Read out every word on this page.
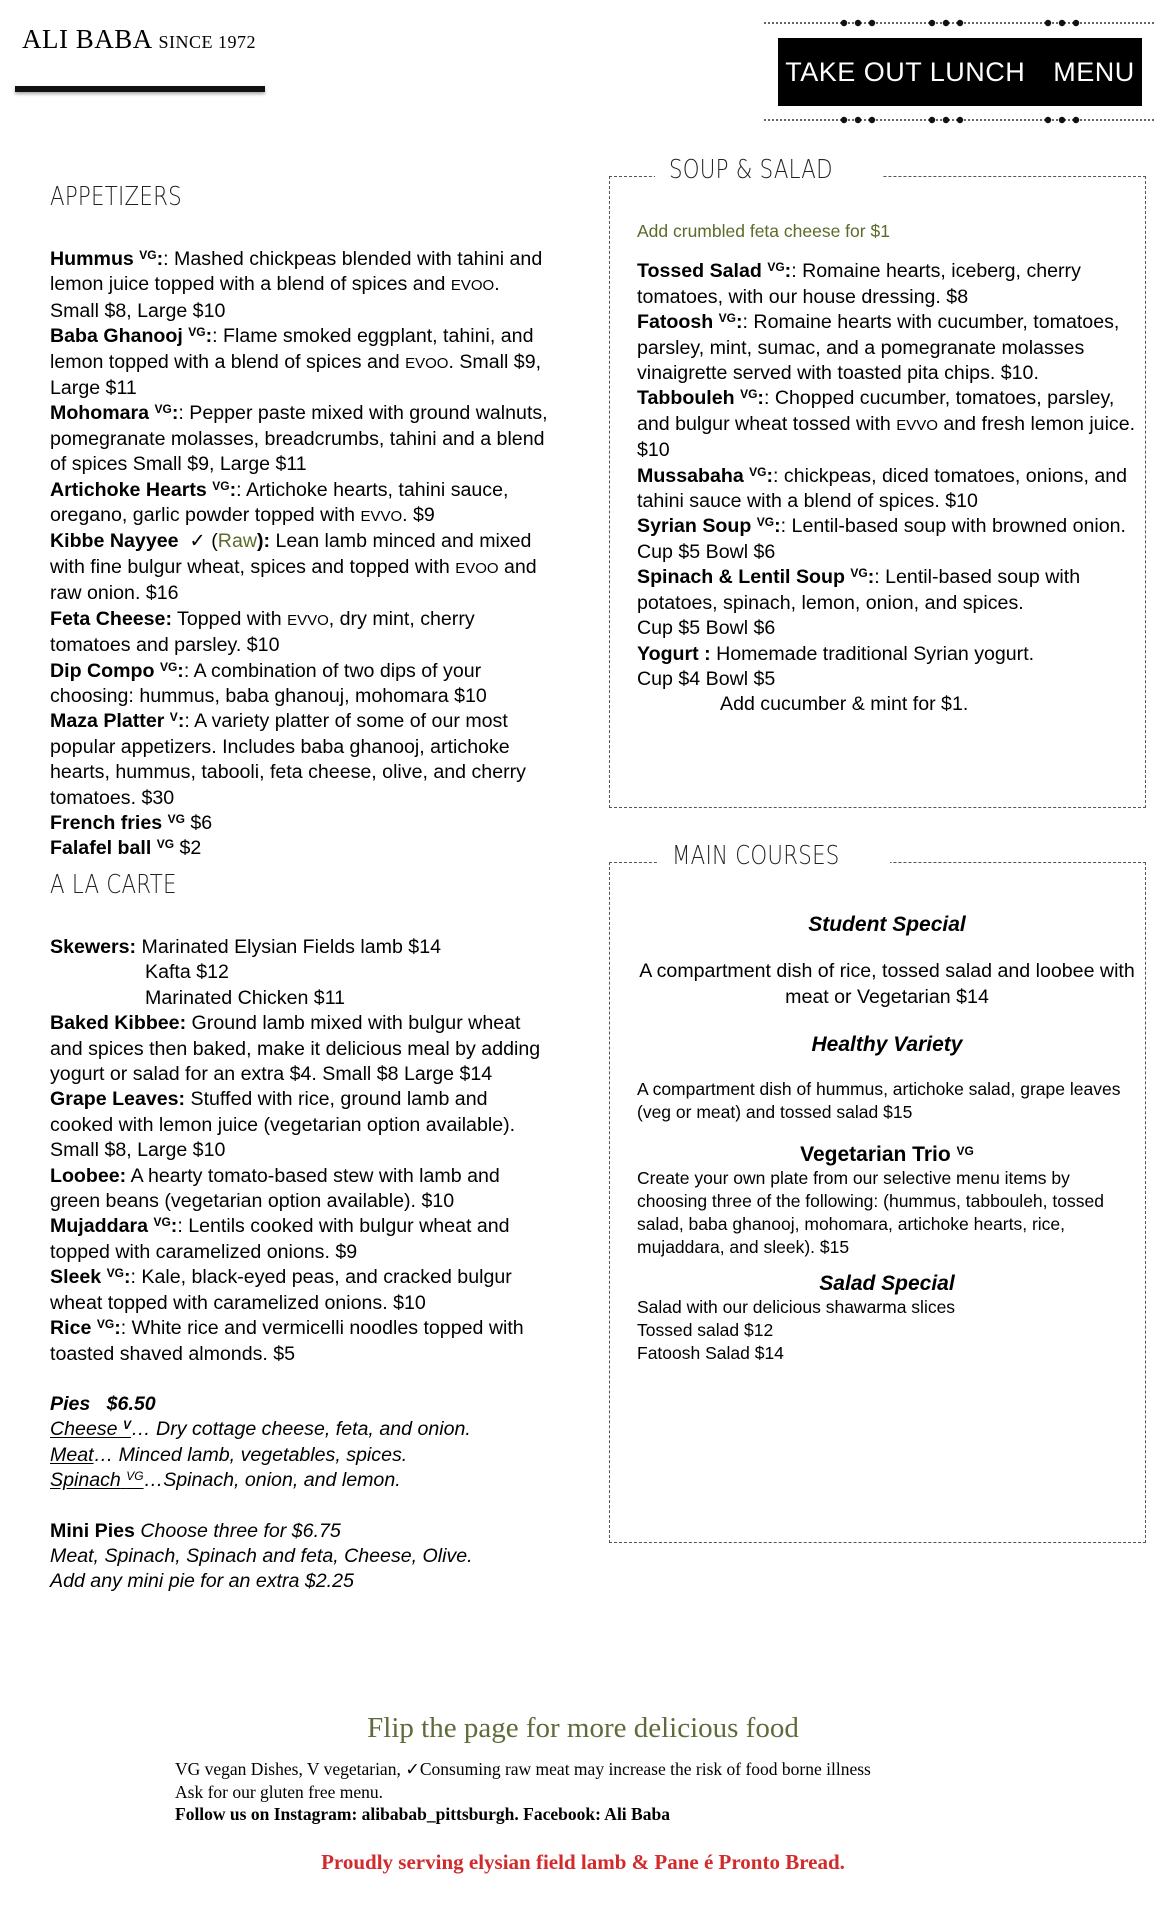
ALI BABA SINCE 1972
TAKE OUT LUNCH MENU
APPETIZERS

Hummus $^{VG}$:: Mashed chickpeas blended with tahini and lemon juice topped with a blend of spices and EVOO. Small $8, Large $10

Baba Ghanooj $^{VG}$:: Flame smoked eggplant, tahini, and lemon topped with a blend of spices and EVOO. Small $9, Large $11

Mohomara $^{VG}$:: Pepper paste mixed with ground walnuts, pomegranate molasses, breadcrumbs, tahini and a blend of spices Small $9, Large $11

Artichoke Hearts $^{VG}$:: Artichoke hearts, tahini sauce, oregano, garlic powder topped with EVVO. $9

Kibbe Nayyee ✓ (Raw): Lean lamb minced and mixed with fine bulgur wheat, spices and topped with EVOO and raw onion. $16

Feta Cheese: Topped with EVVO, dry mint, cherry tomatoes and parsley. $10

Dip Compo $^{VG}$:: A combination of two dips of your choosing: hummus, baba ghanouj, mohomara $10

Maza Platter $^V$:: A variety platter of some of our most popular appetizers. Includes baba ghanooj, artichoke hearts, hummus, tabooli, feta cheese, olive, and cherry tomatoes. $30

French fries $^{VG}$ $6

Falafel ball $^{VG}$ $2

A LA CARTE

Skewers: Marinated Elysian Fields lamb $14

Kafta $12

Marinated Chicken $11

Baked Kibbee: Ground lamb mixed with bulgur wheat and spices then baked, make it delicious meal by adding yogurt or salad for an extra $4. Small $8 Large $14

Grape Leaves: Stuffed with rice, ground lamb and cooked with lemon juice (vegetarian option available). Small $8, Large $10

Loobee: A hearty tomato-based stew with lamb and green beans (vegetarian option available). $10

Mujaddara $^{VG}$:: Lentils cooked with bulgur wheat and topped with caramelized onions. $9

Sleek $^{VG}$:: Kale, black-eyed peas, and cracked bulgur wheat topped with caramelized onions. $10

Rice $^{VG}$:: White rice and vermicelli noodles topped with toasted shaved almonds. $5

Pies $6.50

Cheese $^V$… Dry cottage cheese, feta, and onion.

Meat… Minced lamb, vegetables, spices.

Spinach $^{VG}$…Spinach, onion, and lemon.

Mini Pies Choose three for $6.75

Meat, Spinach, Spinach and feta, Cheese, Olive.

Add any mini pie for an extra $2.25

SOUP & SALAD

Add crumbled feta cheese for $1

Tossed Salad $^{VG}$:: Romaine hearts, iceberg, cherry tomatoes, with our house dressing. $8

Fatoosh $^{VG}$:: Romaine hearts with cucumber, tomatoes, parsley, mint, sumac, and a pomegranate molasses vinaigrette served with toasted pita chips. $10.

Tabbouleh $^{VG}$:: Chopped cucumber, tomatoes, parsley, and bulgur wheat tossed with EVVO and fresh lemon juice. $10

Mussabaha $^{VG}$:: chickpeas, diced tomatoes, onions, and tahini sauce with a blend of spices. $10

Syrian Soup $^{VG}$:: Lentil-based soup with browned onion. Cup $5 Bowl $6

Spinach & Lentil Soup $^{VG}$:: Lentil-based soup with potatoes, spinach, lemon, onion, and spices.

Cup $5 Bowl $6

Yogurt : Homemade traditional Syrian yogurt.

Cup $4 Bowl $5

Add cucumber & mint for $1.

MAIN COURSES

Student Special

A compartment dish of rice, tossed salad and loobee with meat or Vegetarian $14

Healthy Variety

A compartment dish of hummus, artichoke salad, grape leaves (veg or meat) and tossed salad $15

Vegetarian Trio $^{VG}$

Create your own plate from our selective menu items by choosing three of the following: (hummus, tabbouleh, tossed salad, baba ghanooj, mohomara, artichoke hearts, rice, mujaddara, and sleek). $15

Salad Special

Salad with our delicious shawarma slices

Tossed salad $12

Fatoosh Salad $14

Flip the page for more delicious food
VG vegan Dishes, V vegetarian, ✓Consuming raw meat may increase the risk of food borne illness
Ask for our gluten free menu.
Follow us on Instagram: alibabab_pittsburgh. Facebook: Ali Baba
Proudly serving elysian field lamb & Pane é Pronto Bread.
